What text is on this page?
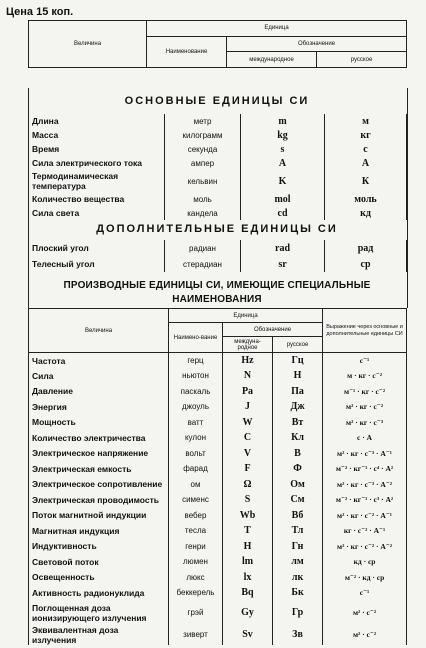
Цена 15 коп.
Величина	Единица		
	Наименование	Обозначение	
		международное	русское
ОСНОВНЫЕ ЕДИНИЦЫ СИ
Длина	метр	m	м
Масса	килограмм	kg	кг
Время	секунда	s	с
Сила электрического тока	ампер	A	А
Термодинамическая температура	кельвин	K	К
Количество вещества	моль	mol	моль
Сила света	кандела	cd	кд
ДОПОЛНИТЕЛЬНЫЕ ЕДИНИЦЫ СИ
Плоский угол	радиан	rad	рад
Телесный угол	стерадиан	sr	ср
ПРОИЗВОДНЫЕ ЕДИНИЦЫ СИ, ИМЕЮЩИЕ СПЕЦИАЛЬНЫЕ
НАИМЕНОВАНИЯ
Величина	Единица			Выражение через основные и дополнительные единицы СИ
	Наимено-вание	Обозначение		
		междуна-родное	русское	
Частота	герц	Hz	Гц	с⁻¹
Сила	ньютон	N	Н	м · кг · с⁻²
Давление	паскаль	Pa	Па	м⁻¹ · кг · с⁻²
Энергия	джоуль	J	Дж	м² · кг · с⁻²
Мощность	ватт	W	Вт	м² · кг · с⁻³
Количество электричества	кулон	C	Кл	с · А
Электрическое напряжение	вольт	V	В	м² · кг · с⁻³ · А⁻¹
Электрическая емкость	фарад	F	Ф	м⁻² · кг⁻¹ · с⁴ · А²
Электрическое сопротивление	ом	Ω	Ом	м² · кг · с⁻³ · А⁻²
Электрическая проводимость	сименс	S	См	м⁻² · кг⁻¹ · с³ · А²
Поток магнитной индукции	вебер	Wb	Вб	м² · кг · с⁻² · А⁻¹
Магнитная индукция	тесла	T	Тл	кг · с⁻² · А⁻¹
Индуктивность	генри	H	Гн	м² · кг · с⁻² · А⁻²
Световой поток	люмен	lm	лм	кд · ср
Освещенность	люкс	lx	лк	м⁻² · кд · ср
Активность радионуклида	беккерель	Bq	Бк	с⁻¹
Поглощенная доза ионизирующего излучения	грэй	Gy	Гр	м² · с⁻²
Эквивалентная доза излучения	зиверт	Sv	Зв	м² · с⁻²
